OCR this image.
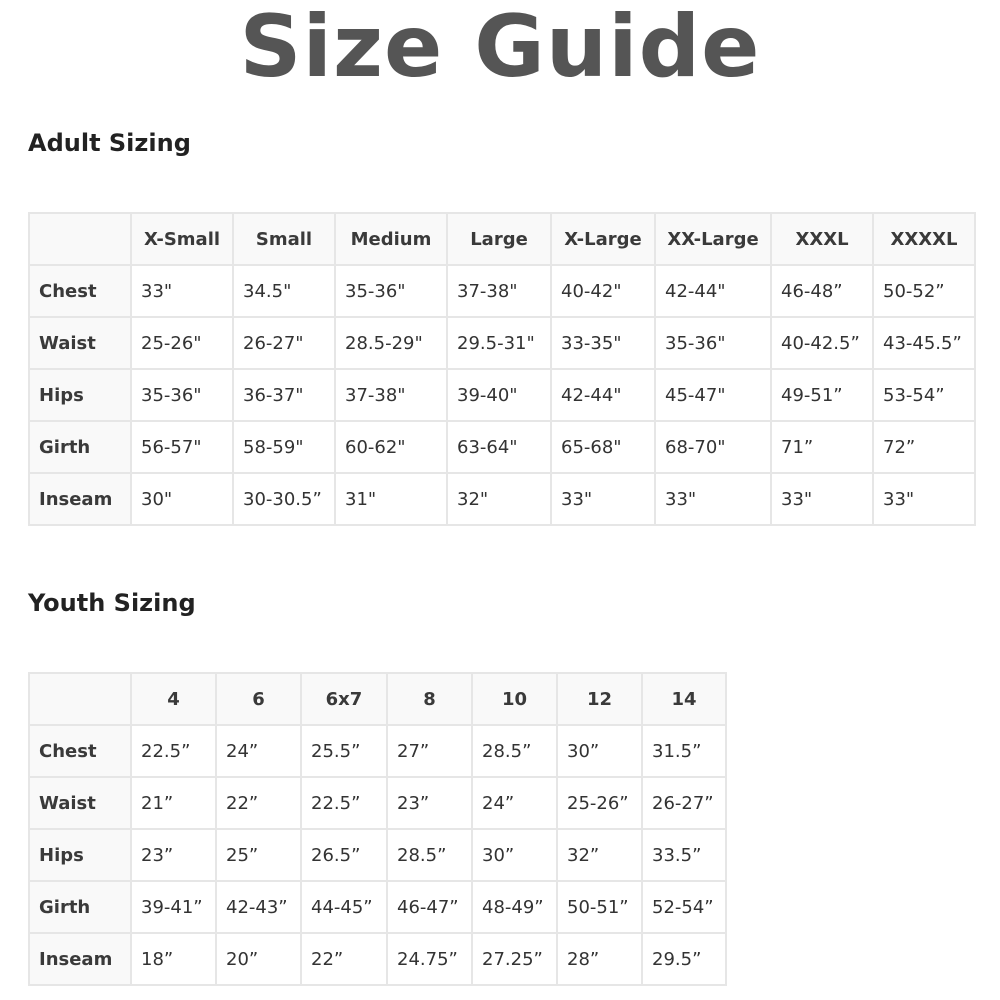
Size Guide
Adult Sizing
	X-Small	Small	Medium	Large	X-Large	XX-Large	XXXL	XXXXL
Chest	33"	34.5"	35-36"	37-38"	40-42"	42-44"	46-48”	50-52”
Waist	25-26"	26-27"	28.5-29"	29.5-31"	33-35"	35-36"	40-42.5”	43-45.5”
Hips	35-36"	36-37"	37-38"	39-40"	42-44"	45-47"	49-51”	53-54”
Girth	56-57"	58-59"	60-62"	63-64"	65-68"	68-70"	71”	72”
Inseam	30"	30-30.5”	31"	32"	33"	33"	33"	33"
Youth Sizing
	4	6	6x7	8	10	12	14
Chest	22.5”	24”	25.5”	27”	28.5”	30”	31.5”
Waist	21”	22”	22.5”	23”	24”	25-26”	26-27”
Hips	23”	25”	26.5”	28.5”	30”	32”	33.5”
Girth	39-41”	42-43”	44-45”	46-47”	48-49”	50-51”	52-54”
Inseam	18”	20”	22”	24.75”	27.25”	28”	29.5”
